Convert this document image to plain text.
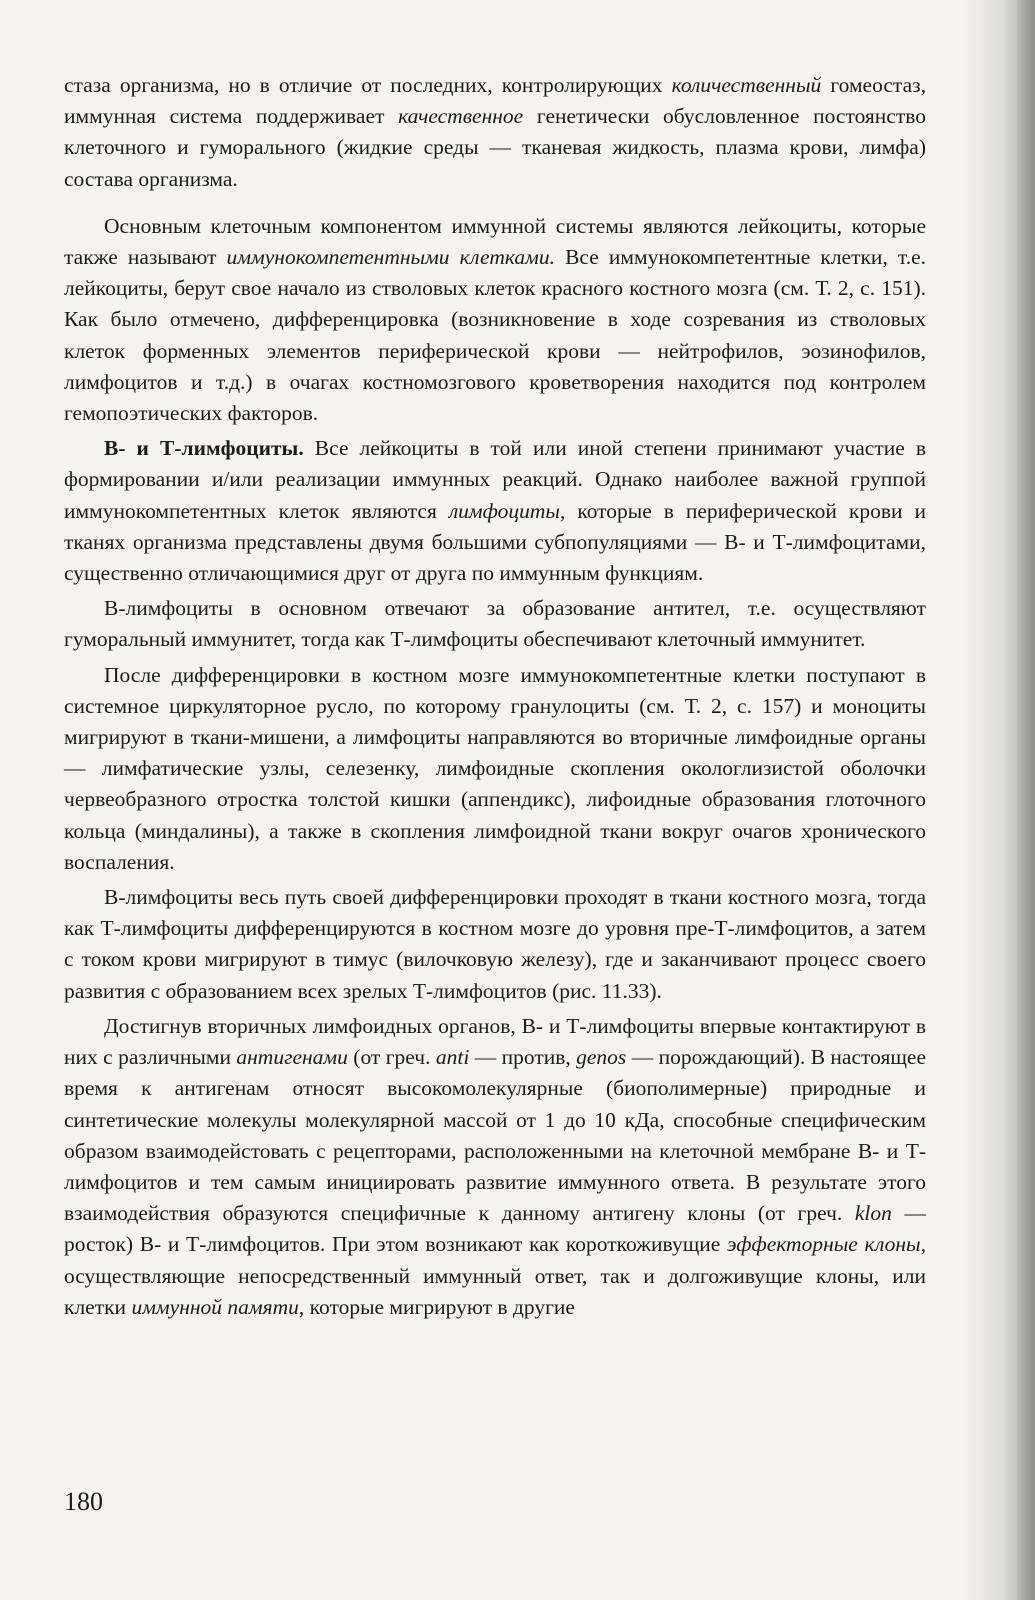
стаза организма, но в отличие от последних, контролирующих количественный гомеостаз, иммунная система поддерживает качественное генетически обусловленное постоянство клеточного и гуморального (жидкие среды — тканевая жидкость, плазма крови, лимфа) состава организма.

Основным клеточным компонентом иммунной системы являются лейкоциты, которые также называют иммунокомпетентными клетками. Все иммунокомпетентные клетки, т.е. лейкоциты, берут свое начало из стволовых клеток красного костного мозга (см. Т. 2, с. 151). Как было отмечено, дифференцировка (возникновение в ходе созревания из стволовых клеток форменных элементов периферической крови — нейтрофилов, эозинофилов, лимфоцитов и т.д.) в очагах костномозгового кроветворения находится под контролем гемопоэтических факторов.

В- и Т-лимфоциты. Все лейкоциты в той или иной степени принимают участие в формировании и/или реализации иммунных реакций. Однако наиболее важной группой иммунокомпетентных клеток являются лимфоциты, которые в периферической крови и тканях организма представлены двумя большими субпопуляциями — В- и Т-лимфоцитами, существенно отличающимися друг от друга по иммунным функциям.

В-лимфоциты в основном отвечают за образование антител, т.е. осуществляют гуморальный иммунитет, тогда как Т-лимфоциты обеспечивают клеточный иммунитет.

После дифференцировки в костном мозге иммунокомпетентные клетки поступают в системное циркуляторное русло, по которому гранулоциты (см. Т. 2, с. 157) и моноциты мигрируют в ткани-мишени, а лимфоциты направляются во вторичные лимфоидные органы — лимфатические узлы, селезенку, лимфоидные скопления окологлизистой оболочки червеобразного отростка толстой кишки (аппендикс), лифоидные образования глоточного кольца (миндалины), а также в скопления лимфоидной ткани вокруг очагов хронического воспаления.

В-лимфоциты весь путь своей дифференцировки проходят в ткани костного мозга, тогда как Т-лимфоциты дифференцируются в костном мозге до уровня пре-Т-лимфоцитов, а затем с током крови мигрируют в тимус (вилочковую железу), где и заканчивают процесс своего развития с образованием всех зрелых Т-лимфоцитов (рис. 11.33).

Достигнув вторичных лимфоидных органов, В- и Т-лимфоциты впервые контактируют в них с различными антигенами (от греч. anti — против, genos — порождающий). В настоящее время к антигенам относят высокомолекулярные (биополимерные) природные и синтетические молекулы молекулярной массой от 1 до 10 кДа, способные специфическим образом взаимодейстовать с рецепторами, расположенными на клеточной мембране В- и Т-лимфоцитов и тем самым инициировать развитие иммунного ответа. В результате этого взаимодействия образуются специфичные к данному антигену клоны (от греч. klon — росток) В- и Т-лимфоцитов. При этом возникают как короткоживущие эффекторные клоны, осуществляющие непосредственный иммунный ответ, так и долгоживущие клоны, или клетки иммунной памяти, которые мигрируют в другие

180
